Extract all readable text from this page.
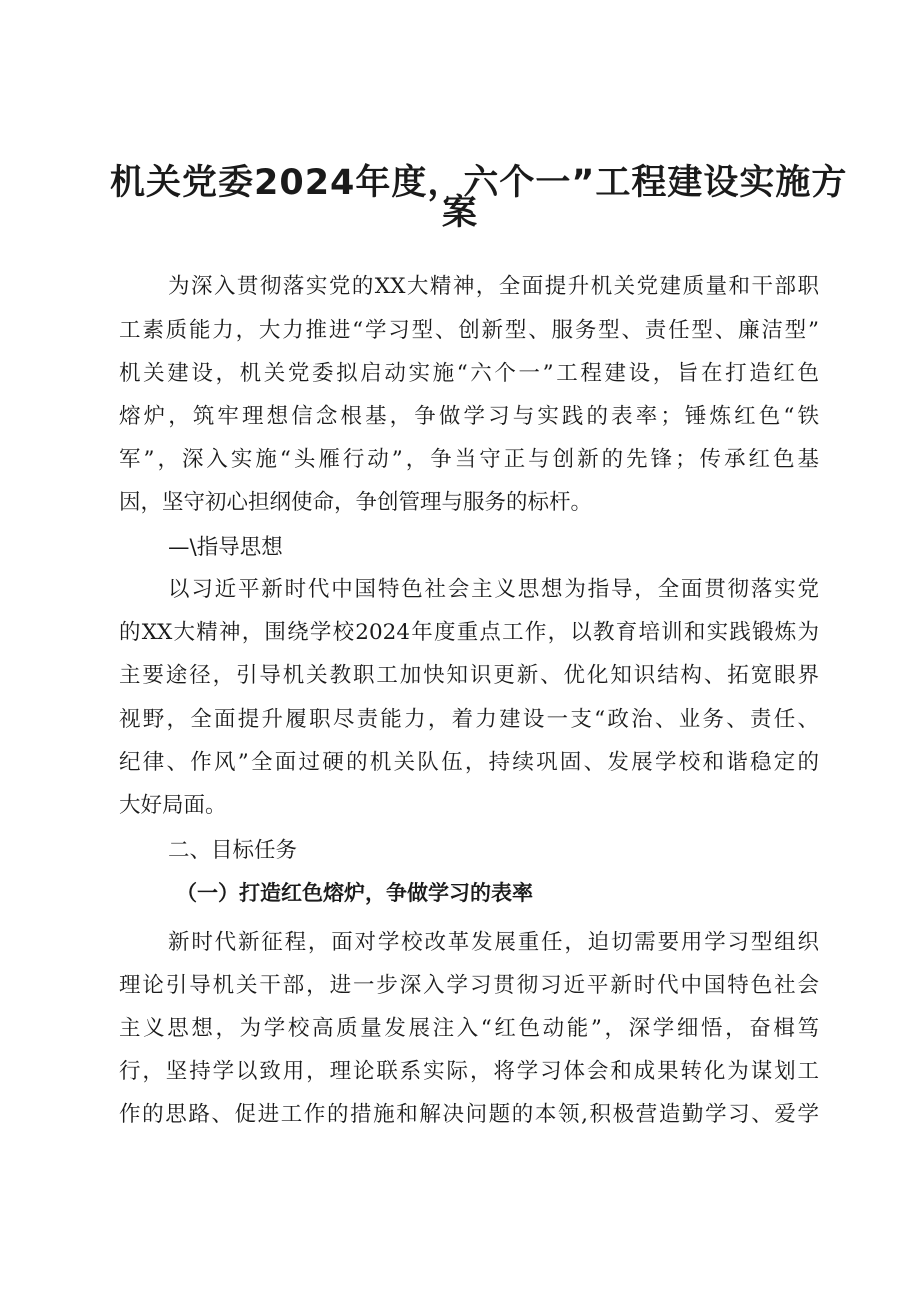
机关党委2024年度，六个一”工程建设实施方
案
为深入贯彻落实党的XX大精神，全面提升机关党建质量和干部职
工素质能力，大力推进“学习型、创新型、服务型、责任型、廉洁型”
机关建设，机关党委拟启动实施“六个一”工程建设，旨在打造红色
熔炉，筑牢理想信念根基，争做学习与实践的表率；锤炼红色“铁
军”，深入实施“头雁行动”，争当守正与创新的先锋；传承红色基
因，坚守初心担纲使命，争创管理与服务的标杆。
—\指导思想
以习近平新时代中国特色社会主义思想为指导，全面贯彻落实党
的XX大精神，围绕学校2024年度重点工作，以教育培训和实践锻炼为
主要途径，引导机关教职工加快知识更新、优化知识结构、拓宽眼界
视野，全面提升履职尽责能力，着力建设一支“政治、业务、责任、
纪律、作风”全面过硬的机关队伍，持续巩固、发展学校和谐稳定的
大好局面。
二、目标任务
（一）打造红色熔炉，争做学习的表率
新时代新征程，面对学校改革发展重任，迫切需要用学习型组织
理论引导机关干部，进一步深入学习贯彻习近平新时代中国特色社会
主义思想，为学校高质量发展注入“红色动能”，深学细悟，奋楫笃
行，坚持学以致用，理论联系实际，将学习体会和成果转化为谋划工
作的思路、促进工作的措施和解决问题的本领,积极营造勤学习、爱学
